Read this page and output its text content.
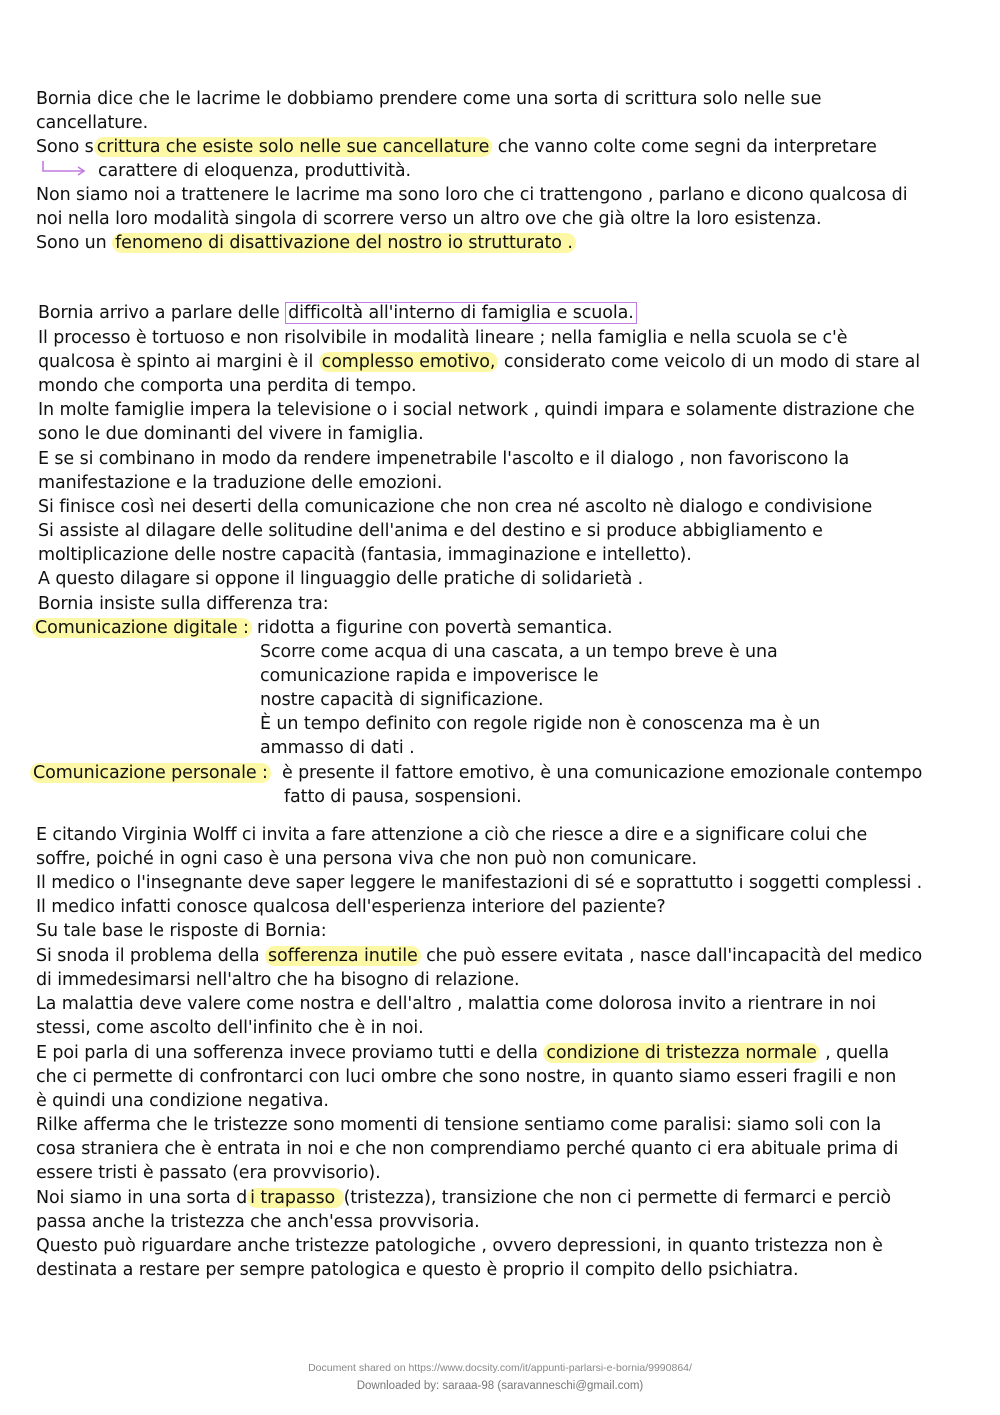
Bornia dice che le lacrime le dobbiamo prendere come una sorta di scrittura solo nelle sue
cancellature.
Sono s crittura che esiste solo nelle sue cancellature che vanno colte come segni da interpretare
carattere di eloquenza, produttività.
Non siamo noi a trattenere le lacrime ma sono loro che ci trattengono , parlano e dicono qualcosa di
noi nella loro modalità singola di scorrere verso un altro ove che già oltre la loro esistenza.
Sono un fenomeno di disattivazione del nostro io strutturato .
Bornia arrivo a parlare delle difficoltà all'interno di famiglia e scuola.
Il processo è tortuoso e non risolvibile in modalità lineare ; nella famiglia e nella scuola se c'è
qualcosa è spinto ai margini è il complesso emotivo, considerato come veicolo di un modo di stare al
mondo che comporta una perdita di tempo.
In molte famiglie impera la televisione o i social network , quindi impara e solamente distrazione che
sono le due dominanti del vivere in famiglia.
E se si combinano in modo da rendere impenetrabile l'ascolto e il dialogo , non favoriscono la
manifestazione e la traduzione delle emozioni.
Si finisce così nei deserti della comunicazione che non crea né ascolto nè dialogo e condivisione
Si assiste al dilagare delle solitudine dell'anima e del destino e si produce abbigliamento e
moltiplicazione delle nostre capacità (fantasia, immaginazione e intelletto).
A questo dilagare si oppone il linguaggio delle pratiche di solidarietà .
Bornia insiste sulla differenza tra:
Comunicazione digitale : ridotta a figurine con povertà semantica.
Scorre come acqua di una cascata, a un tempo breve è una
comunicazione rapida e impoverisce le
nostre capacità di significazione.
È un tempo definito con regole rigide non è conoscenza ma è un
ammasso di dati .
Comunicazione personale : è presente il fattore emotivo, è una comunicazione emozionale contempo
fatto di pausa, sospensioni.
E citando Virginia Wolff ci invita a fare attenzione a ciò che riesce a dire e a significare colui che
soffre, poiché in ogni caso è una persona viva che non può non comunicare.
Il medico o l'insegnante deve saper leggere le manifestazioni di sé e soprattutto i soggetti complessi .
Il medico infatti conosce qualcosa dell'esperienza interiore del paziente?
Su tale base le risposte di Bornia:
Si snoda il problema della sofferenza inutile che può essere evitata , nasce dall'incapacità del medico
di immedesimarsi nell'altro che ha bisogno di relazione.
La malattia deve valere come nostra e dell'altro , malattia come dolorosa invito a rientrare in noi
stessi, come ascolto dell'infinito che è in noi.
E poi parla di una sofferenza invece proviamo tutti e della condizione di tristezza normale , quella
che ci permette di confrontarci con luci ombre che sono nostre, in quanto siamo esseri fragili e non
è quindi una condizione negativa.
Rilke afferma che le tristezze sono momenti di tensione sentiamo come paralisi: siamo soli con la
cosa straniera che è entrata in noi e che non comprendiamo perché quanto ci era abituale prima di
essere tristi è passato (era provvisorio).
Noi siamo in una sorta d i trapasso (tristezza), transizione che non ci permette di fermarci e perciò
passa anche la tristezza che anch'essa provvisoria.
Questo può riguardare anche tristezze patologiche , ovvero depressioni, in quanto tristezza non è
destinata a restare per sempre patologica e questo è proprio il compito dello psichiatra.
Document shared on https://www.docsity.com/it/appunti-parlarsi-e-bornia/9990864/
Downloaded by: saraaa-98 (saravanneschi@gmail.com)
